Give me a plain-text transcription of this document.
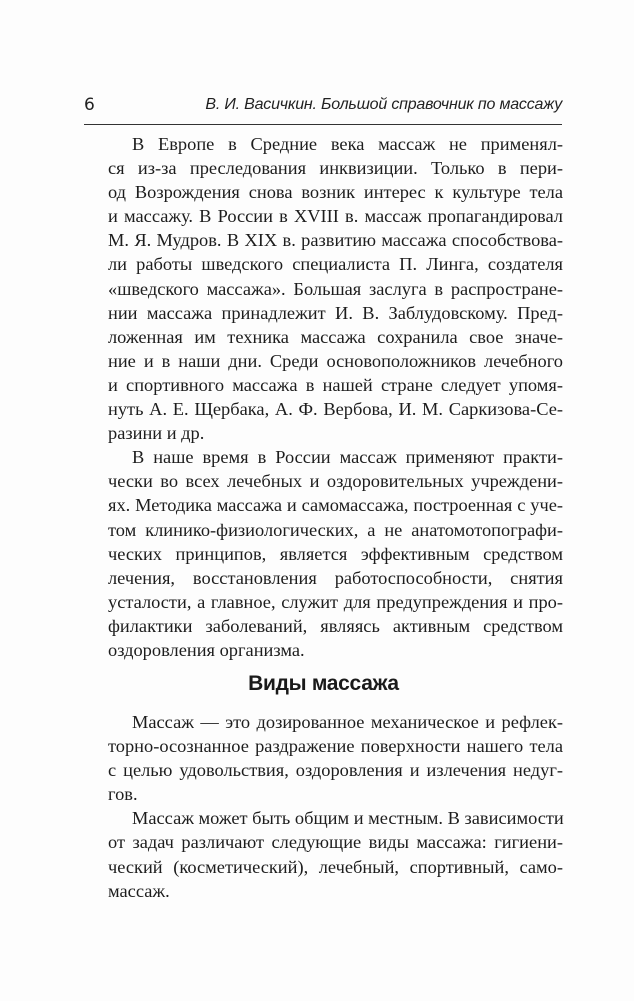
6	В. И. Васичкин. Большой справочник по массажу
В Европе в Средние века массаж не применял-
ся из-за преследования инквизиции. Только в пери-
од Возрождения снова возник интерес к культуре тела
и массажу. В России в XVIII в. массаж пропагандировал
М. Я. Мудров. В XIX в. развитию массажа способствова-
ли работы шведского специалиста П. Линга, создателя
«шведского массажа». Большая заслуга в распростране-
нии массажа принадлежит И. В. Заблудовскому. Пред-
ложенная им техника массажа сохранила свое значе-
ние и в наши дни. Среди основоположников лечебного
и спортивного массажа в нашей стране следует упомя-
нуть А. Е. Щербака, А. Ф. Вербова, И. М. Саркизова-Се-
разини и др.
В наше время в России массаж применяют практи-
чески во всех лечебных и оздоровительных учреждени-
ях. Методика массажа и самомассажа, построенная с уче-
том клинико-физиологических, а не анатомотопографи-
ческих принципов, является эффективным средством
лечения, восстановления работоспособности, снятия
усталости, а главное, служит для предупреждения и про-
филактики заболеваний, являясь активным средством
оздоровления организма.
Виды массажа
Массаж — это дозированное механическое и рефлек-
торно-осознанное раздражение поверхности нашего тела
с целью удовольствия, оздоровления и излечения недуг-
гов.
Массаж может быть общим и местным. В зависимости
от задач различают следующие виды массажа: гигиени-
ческий (косметический), лечебный, спортивный, само-
массаж.
